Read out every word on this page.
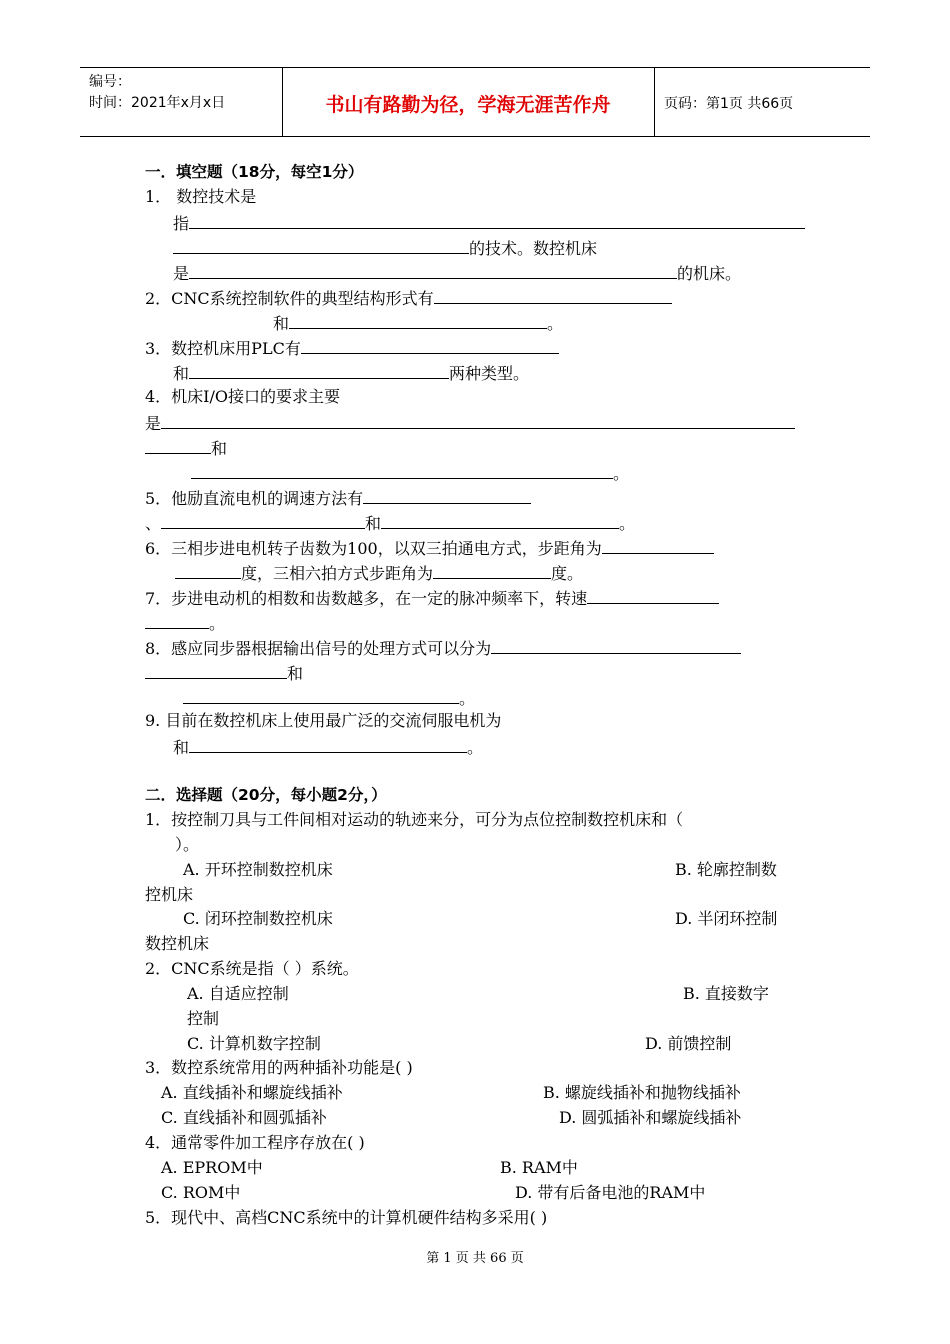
编号：
时间：2021年x月x日	书山有路勤为径，学海无涯苦作舟	页码：第1页 共66页
一．填空题（18分，每空1分）
1． 数控技术是
指
的技术。数控机床
是	的机床。
2．CNC系统控制软件的典型结构形式有
和	。
3．数控机床用PLC有
和	两种类型。
4．机床Ⅰ/O接口的要求主要
是
和
。
5．他励直流电机的调速方法有
、	和	。
6．三相步进电机转子齿数为100，以双三拍通电方式，步距角为
度，三相六拍方式步距角为	度。
7．步进电动机的相数和齿数越多，在一定的脉冲频率下，转速
。
8．感应同步器根据输出信号的处理方式可以分为
和
。
9. 目前在数控机床上使用最广泛的交流伺服电机为
和	。
二．选择题（20分，每小题2分，）
1．按控制刀具与工件间相对运动的轨迹来分，可分为点位控制数控机床和（
）。
A. 开环控制数控机床	B. 轮廓控制数
控机床
C. 闭环控制数控机床	D. 半闭环控制
数控机床
2．CNC系统是指（ ）系统。
A. 自适应控制	B. 直接数字
控制
C. 计算机数字控制	D. 前馈控制
3．数控系统常用的两种插补功能是( )
A. 直线插补和螺旋线插补	B. 螺旋线插补和抛物线插补
C. 直线插补和圆弧插补	D. 圆弧插补和螺旋线插补
4．通常零件加工程序存放在( )
A. EPROM中	B. RAM中
C. ROM中	D. 带有后备电池的RAM中
5．现代中、高档CNC系统中的计算机硬件结构多采用( )
第 1 页 共 66 页
